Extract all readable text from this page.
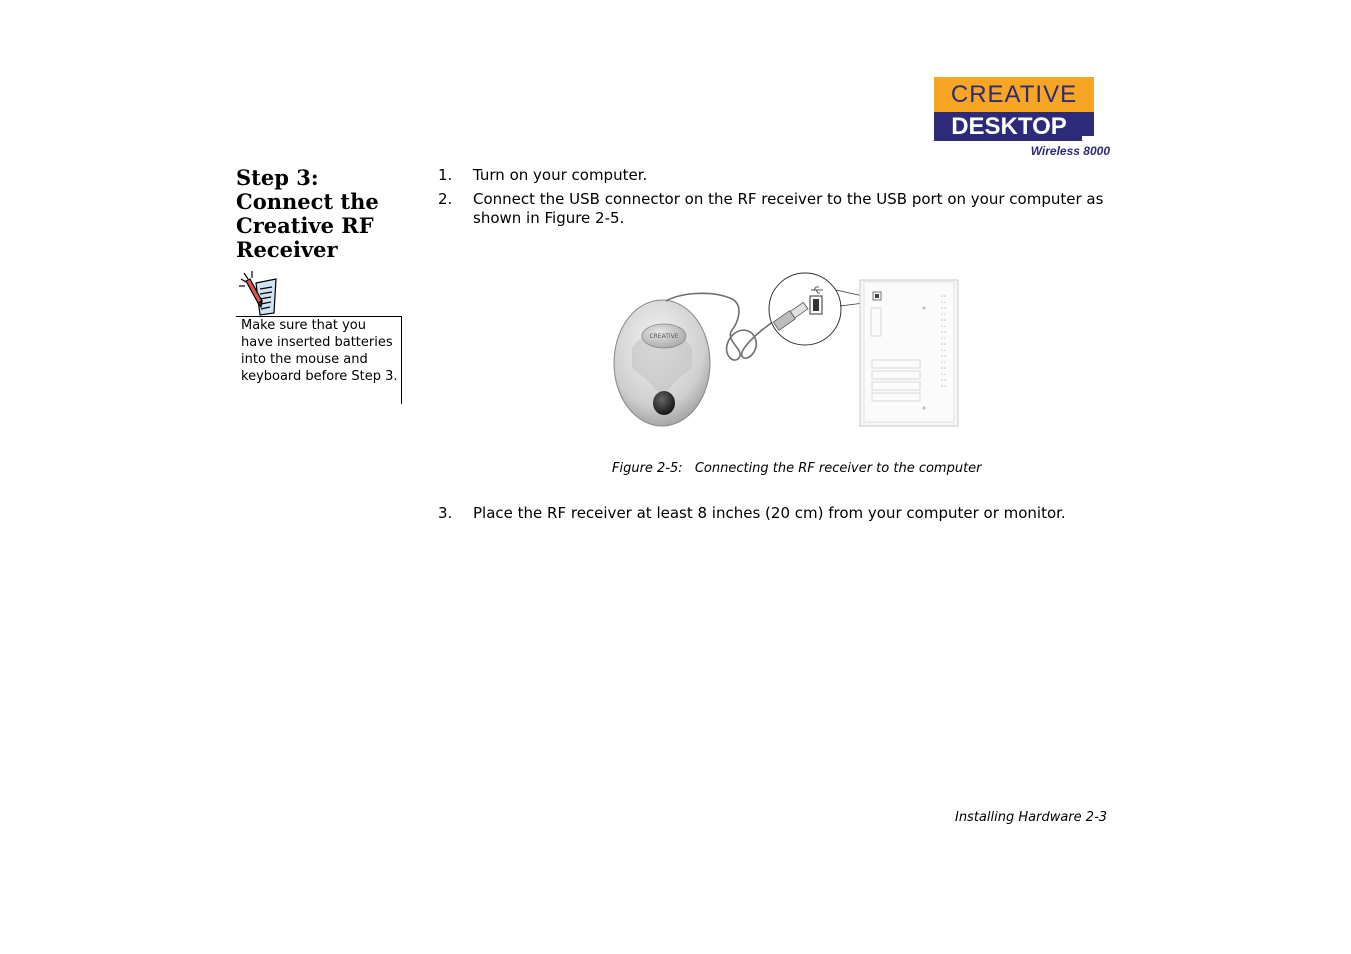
CREATIVE
DESKTOP
Wireless 8000
Step 3: Connect the Creative RF Receiver
Make sure that you have inserted batteries into the mouse and keyboard before Step 3.
1. Turn on your computer.
2. Connect the USB connector on the RF receiver to the USB port on your computer as shown in Figure 2-5.
CREATIVE
Figure 2-5: Connecting the RF receiver to the computer
3. Place the RF receiver at least 8 inches (20 cm) from your computer or monitor.
Installing Hardware 2-3
